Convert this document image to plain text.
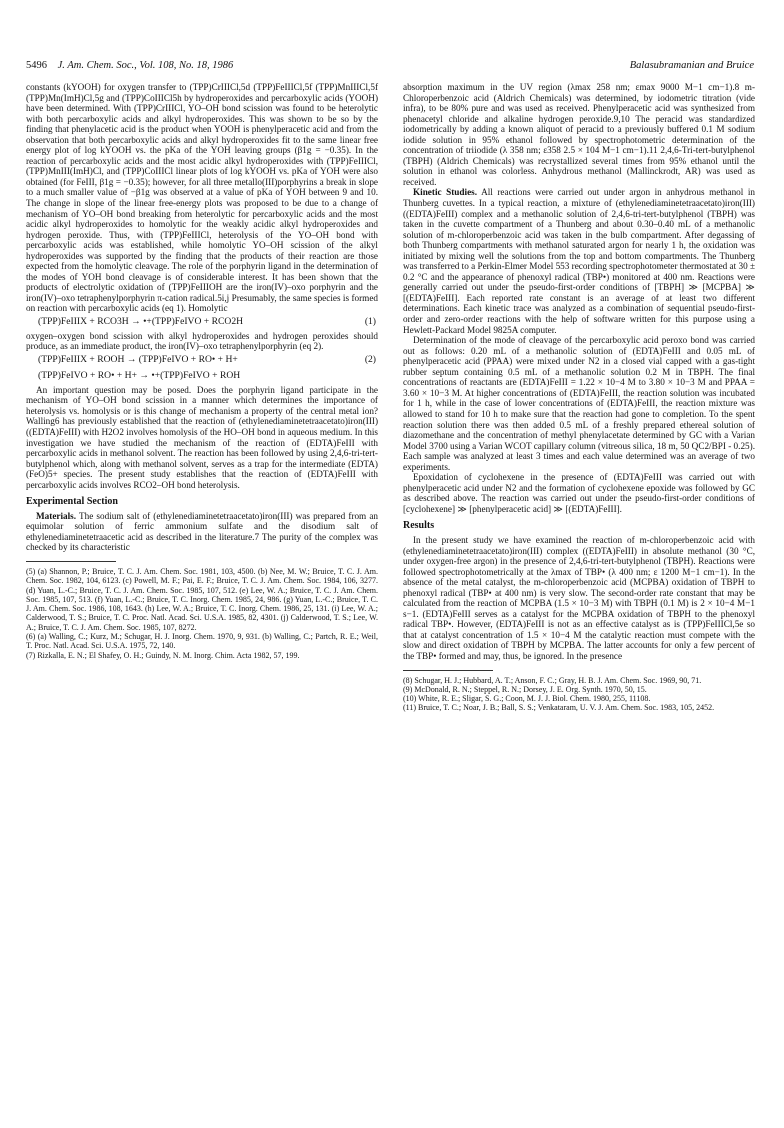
5496 J. Am. Chem. Soc., Vol. 108, No. 18, 1986	Balasubramanian and Bruice

constants (kYOOH) for oxygen transfer to (TPP)CrIIICl,5d (TPP)FeIIICl,5f (TPP)MnIIICl,5f (TPP)Mn(ImH)Cl,5g and (TPP)CoIIICl5h by hydroperoxides and percarboxylic acids (YOOH) have been determined. With (TPP)CrIIICl, YO–OH bond scission was found to be heterolytic with both percarboxylic acids and alkyl hydroperoxides. This was shown to be so by the finding that phenylacetic acid is the product when YOOH is phenylperacetic acid and from the observation that both percarboxylic acids and alkyl hydroperoxides fit to the same linear free energy plot of log kYOOH vs. the pKa of the YOH leaving groups (β1g = −0.35). In the reaction of percarboxylic acids and the most acidic alkyl hydroperoxides with (TPP)FeIIICl, (TPP)MnIII(ImH)Cl, and (TPP)CoIIICl linear plots of log kYOOH vs. pKa of YOH were also obtained (for FeIII, β1g = −0.35); however, for all three metallo(III)porphyrins a break in slope to a much smaller value of −β1g was observed at a value of pKa of YOH between 9 and 10. The change in slope of the linear free-energy plots was proposed to be due to a change of mechanism of YO–OH bond breaking from heterolytic for percarboxylic acids and the most acidic alkyl hydroperoxides to homolytic for the weakly acidic alkyl hydroperoxides and hydrogen peroxide. Thus, with (TPP)FeIIICl, heterolysis of the YO–OH bond with percarboxylic acids was established, while homolytic YO–OH scission of the alkyl hydroperoxides was supported by the finding that the products of their reaction are those expected from the homolytic cleavage. The role of the porphyrin ligand in the determination of the modes of YOH bond cleavage is of considerable interest. It has been shown that the products of electrolytic oxidation of (TPP)FeIIIOH are the iron(IV)–oxo porphyrin and the iron(IV)–oxo tetraphenylporphyrin π-cation radical.5i,j Presumably, the same species is formed on reaction with percarboxylic acids (eq 1). Homolytic

(TPP)FeIIIX + RCO3H → •+(TPP)FeIVO + RCO2H	(1)

oxygen–oxygen bond scission with alkyl hydroperoxides and hydrogen peroxides should produce, as an immediate product, the iron(IV)–oxo tetraphenylporphyrin (eq 2).

(TPP)FeIIIX + ROOH → (TPP)FeIVO + RO• + H+	(2)
(TPP)FeIVO + RO• + H+ → •+(TPP)FeIVO + ROH

An important question may be posed. Does the porphyrin ligand participate in the mechanism of YO–OH bond scission in a manner which determines the importance of heterolysis vs. homolysis or is this change of mechanism a property of the central metal ion? Walling6 has previously established that the reaction of (ethylenediaminetetraacetato)iron(III) ((EDTA)FeIII) with H2O2 involves homolysis of the HO–OH bond in aqueous medium. In this investigation we have studied the mechanism of the reaction of (EDTA)FeIII with percarboxylic acids in methanol solvent. The reaction has been followed by using 2,4,6-tri-tert-butylphenol which, along with methanol solvent, serves as a trap for the intermediate (EDTA)(FeO)5+ species. The present study establishes that the reaction of (EDTA)FeIII with percarboxylic acids involves RCO2–OH bond heterolysis.

Experimental Section

Materials. The sodium salt of (ethylenediaminetetraacetato)iron(III) was prepared from an equimolar solution of ferric ammonium sulfate and the disodium salt of ethylenediaminetetraacetic acid as described in the literature.7 The purity of the complex was checked by its characteristic

(5) (a) Shannon, P.; Bruice, T. C. J. Am. Chem. Soc. 1981, 103, 4500. (b) Nee, M. W.; Bruice, T. C. J. Am. Chem. Soc. 1982, 104, 6123. (c) Powell, M. F.; Pai, E. F.; Bruice, T. C. J. Am. Chem. Soc. 1984, 106, 3277. (d) Yuan, L.-C.; Bruice, T. C. J. Am. Chem. Soc. 1985, 107, 512. (e) Lee, W. A.; Bruice, T. C. J. Am. Chem. Soc. 1985, 107, 513. (f) Yuan, L.-C.; Bruice, T. C. Inorg. Chem. 1985, 24, 986. (g) Yuan, L.-C.; Bruice, T. C. J. Am. Chem. Soc. 1986, 108, 1643. (h) Lee, W. A.; Bruice, T. C. Inorg. Chem. 1986, 25, 131. (i) Lee, W. A.; Calderwood, T. S.; Bruice, T. C. Proc. Natl. Acad. Sci. U.S.A. 1985, 82, 4301. (j) Calderwood, T. S.; Lee, W. A.; Bruice, T. C. J. Am. Chem. Soc. 1985, 107, 8272.

(6) (a) Walling, C.; Kurz, M.; Schugar, H. J. Inorg. Chem. 1970, 9, 931. (b) Walling, C.; Partch, R. E.; Weil, T. Proc. Natl. Acad. Sci. U.S.A. 1975, 72, 140.

(7) Rizkalla, E. N.; El Shafey, O. H.; Guindy, N. M. Inorg. Chim. Acta 1982, 57, 199.

absorption maximum in the UV region (λmax 258 nm; εmax 9000 M−1 cm−1).8 m-Chloroperbenzoic acid (Aldrich Chemicals) was determined, by iodometric titration (vide infra), to be 80% pure and was used as received. Phenylperacetic acid was synthesized from phenacetyl chloride and alkaline hydrogen peroxide.9,10 The peracid was standardized iodometrically by adding a known aliquot of peracid to a previously buffered 0.1 M sodium iodide solution in 95% ethanol followed by spectrophotometric determination of the concentration of triiodide (λ 358 nm; ε358 2.5 × 104 M−1 cm−1).11 2,4,6-Tri-tert-butylphenol (TBPH) (Aldrich Chemicals) was recrystallized several times from 95% ethanol until the solution in ethanol was colorless. Anhydrous methanol (Mallinckrodt, AR) was used as received.

Kinetic Studies. All reactions were carried out under argon in anhydrous methanol in Thunberg cuvettes. In a typical reaction, a mixture of (ethylenediaminetetraacetato)iron(III) ((EDTA)FeIII) complex and a methanolic solution of 2,4,6-tri-tert-butylphenol (TBPH) was taken in the cuvette compartment of a Thunberg and about 0.30–0.40 mL of a methanolic solution of m-chloroperbenzoic acid was taken in the bulb compartment. After degassing of both Thunberg compartments with methanol saturated argon for nearly 1 h, the oxidation was initiated by mixing well the solutions from the top and bottom compartments. The Thunberg was transferred to a Perkin-Elmer Model 553 recording spectrophotometer thermostated at 30 ± 0.2 °C and the appearance of phenoxyl radical (TBP•) monitored at 400 nm. Reactions were generally carried out under the pseudo-first-order conditions of [TBPH] ≫ [MCPBA] ≫ [(EDTA)FeIII]. Each reported rate constant is an average of at least two different determinations. Each kinetic trace was analyzed as a combination of sequential pseudo-first-order and zero-order reactions with the help of software written for this purpose using a Hewlett-Packard Model 9825A computer.

Determination of the mode of cleavage of the percarboxylic acid peroxo bond was carried out as follows: 0.20 mL of a methanolic solution of (EDTA)FeIII and 0.05 mL of phenylperacetic acid (PPAA) were mixed under N2 in a closed vial capped with a gas-tight rubber septum containing 0.5 mL of a methanolic solution 0.2 M in TBPH. The final concentrations of reactants are (EDTA)FeIII = 1.22 × 10−4 M to 3.80 × 10−3 M and PPAA = 3.60 × 10−3 M. At higher concentrations of (EDTA)FeIII, the reaction solution was incubated for 1 h, while in the case of lower concentrations of (EDTA)FeIII, the reaction mixture was allowed to stand for 10 h to make sure that the reaction had gone to completion. To the spent reaction solution there was then added 0.5 mL of a freshly prepared ethereal solution of diazomethane and the concentration of methyl phenylacetate determined by GC with a Varian Model 3700 using a Varian WCOT capillary column (vitreous silica, 18 m, 50 QC2/BPI - 0.25). Each sample was analyzed at least 3 times and each value determined was an average of two experiments.

Epoxidation of cyclohexene in the presence of (EDTA)FeIII was carried out with phenylperacetic acid under N2 and the formation of cyclohexene epoxide was followed by GC as described above. The reaction was carried out under the pseudo-first-order conditions of [cyclohexene] ≫ [phenylperacetic acid] ≫ [(EDTA)FeIII].

Results

In the present study we have examined the reaction of m-chloroperbenzoic acid with (ethylenediaminetetraacetato)iron(III) complex ((EDTA)FeIII) in absolute methanol (30 °C, under oxygen-free argon) in the presence of 2,4,6-tri-tert-butylphenol (TBPH). Reactions were followed spectrophotometrically at the λmax of TBP• (λ 400 nm; ε 1200 M−1 cm−1). In the absence of the metal catalyst, the m-chloroperbenzoic acid (MCPBA) oxidation of TBPH to phenoxyl radical (TBP• at 400 nm) is very slow. The second-order rate constant that may be calculated from the reaction of MCPBA (1.5 × 10−3 M) with TBPH (0.1 M) is 2 × 10−4 M−1 s−1. (EDTA)FeIII serves as a catalyst for the MCPBA oxidation of TBPH to the phenoxyl radical TBP•. However, (EDTA)FeIII is not as an effective catalyst as is (TPP)FeIIICl,5e so that at catalyst concentration of 1.5 × 10−4 M the catalytic reaction must compete with the slow and direct oxidation of TBPH by MCPBA. The latter accounts for only a few percent of the TBP• formed and may, thus, be ignored. In the presence

(8) Schugar, H. J.; Hubbard, A. T.; Anson, F. C.; Gray, H. B. J. Am. Chem. Soc. 1969, 90, 71.

(9) McDonald, R. N.; Steppel, R. N.; Dorsey, J. E. Org. Synth. 1970, 50, 15.

(10) White, R. E.; Sligar, S. G.; Coon, M. J. J. Biol. Chem. 1980, 255, 11108.

(11) Bruice, T. C.; Noar, J. B.; Ball, S. S.; Venkataram, U. V. J. Am. Chem. Soc. 1983, 105, 2452.
